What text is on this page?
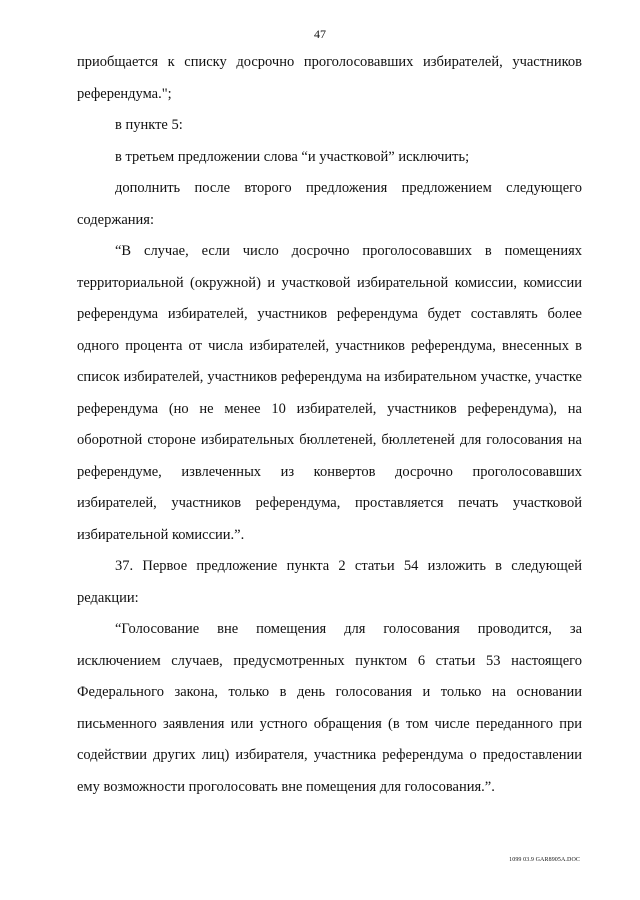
47

приобщается к списку досрочно проголосовавших избирателей, участников референдума.";

в пункте 5:

в третьем предложении слова “и участковой” исключить;

дополнить после второго предложения предложением следующего содержания:

“В случае, если число досрочно проголосовавших в помещениях территориальной (окружной) и участковой избирательной комиссии, комиссии референдума избирателей, участников референдума будет составлять более одного процента от числа избирателей, участников референдума, внесенных в список избирателей, участников референдума на избирательном участке, участке референдума (но не менее 10 избирателей, участников референдума), на оборотной стороне избирательных бюллетеней, бюллетеней для голосования на референдуме, извлеченных из конвертов досрочно проголосовавших избирателей, участников референдума, проставляется печать участковой избирательной комиссии.”.

37. Первое предложение пункта 2 статьи 54 изложить в следующей редакции:

“Голосование вне помещения для голосования проводится, за исключением случаев, предусмотренных пунктом 6 статьи 53 настоящего Федерального закона, только в день голосования и только на основании письменного заявления или устного обращения (в том числе переданного при содействии других лиц) избирателя, участника референдума о предоставлении ему возможности проголосовать вне помещения для голосования.”.

1099 03.9 GAR8905A.DOC
